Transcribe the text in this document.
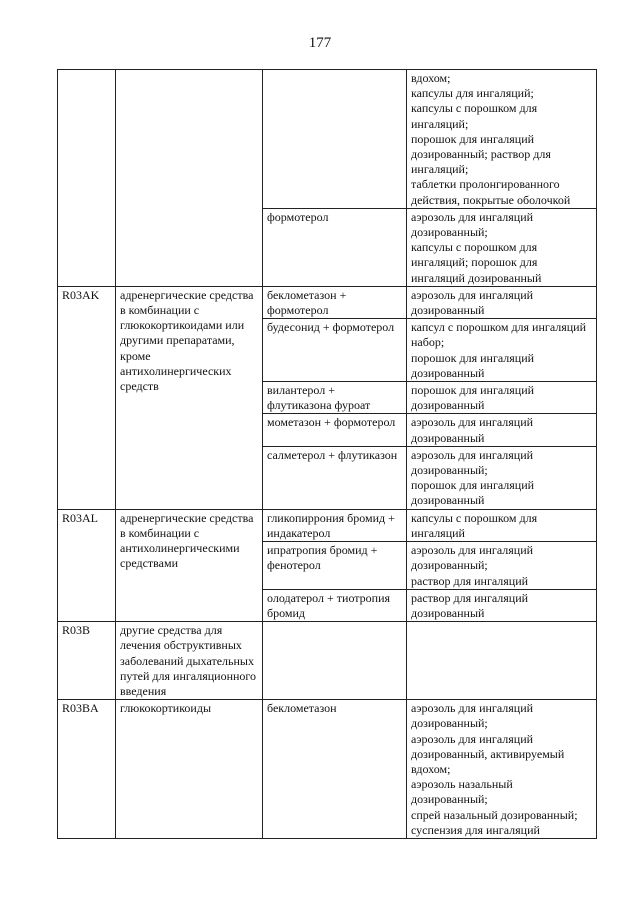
177
			вдохом;
капсулы для ингаляций;
капсулы с порошком для ингаляций;
порошок для ингаляций дозированный; раствор для ингаляций;
таблетки пролонгированного действия, покрытые оболочкой
		формотерол	аэрозоль для ингаляций дозированный;
капсулы с порошком для ингаляций; порошок для ингаляций дозированный
R03AK	адренергические средства в комбинации с глюкокортикоидами или другими препаратами, кроме антихолинергических средств	беклометазон + формотерол	аэрозоль для ингаляций дозированный
		будесонид + формотерол	капсул с порошком для ингаляций набор;
порошок для ингаляций дозированный
		вилантерол + флутиказона фуроат	порошок для ингаляций дозированный
		мометазон + формотерол	аэрозоль для ингаляций дозированный
		салметерол + флутиказон	аэрозоль для ингаляций дозированный;
порошок для ингаляций дозированный
R03AL	адренергические средства в комбинации с антихолинергическими средствами	гликопиррония бромид + индакатерол	капсулы с порошком для ингаляций
		ипратропия бромид + фенотерол	аэрозоль для ингаляций дозированный;
раствор для ингаляций
		олодатерол + тиотропия бромид	раствор для ингаляций дозированный
R03B	другие средства для лечения обструктивных заболеваний дыхательных путей для ингаляционного введения		
R03BA	глюкокортикоиды	беклометазон	аэрозоль для ингаляций дозированный;
аэрозоль для ингаляций дозированный, активируемый вдохом;
аэрозоль назальный дозированный;
спрей назальный дозированный;
суспензия для ингаляций
